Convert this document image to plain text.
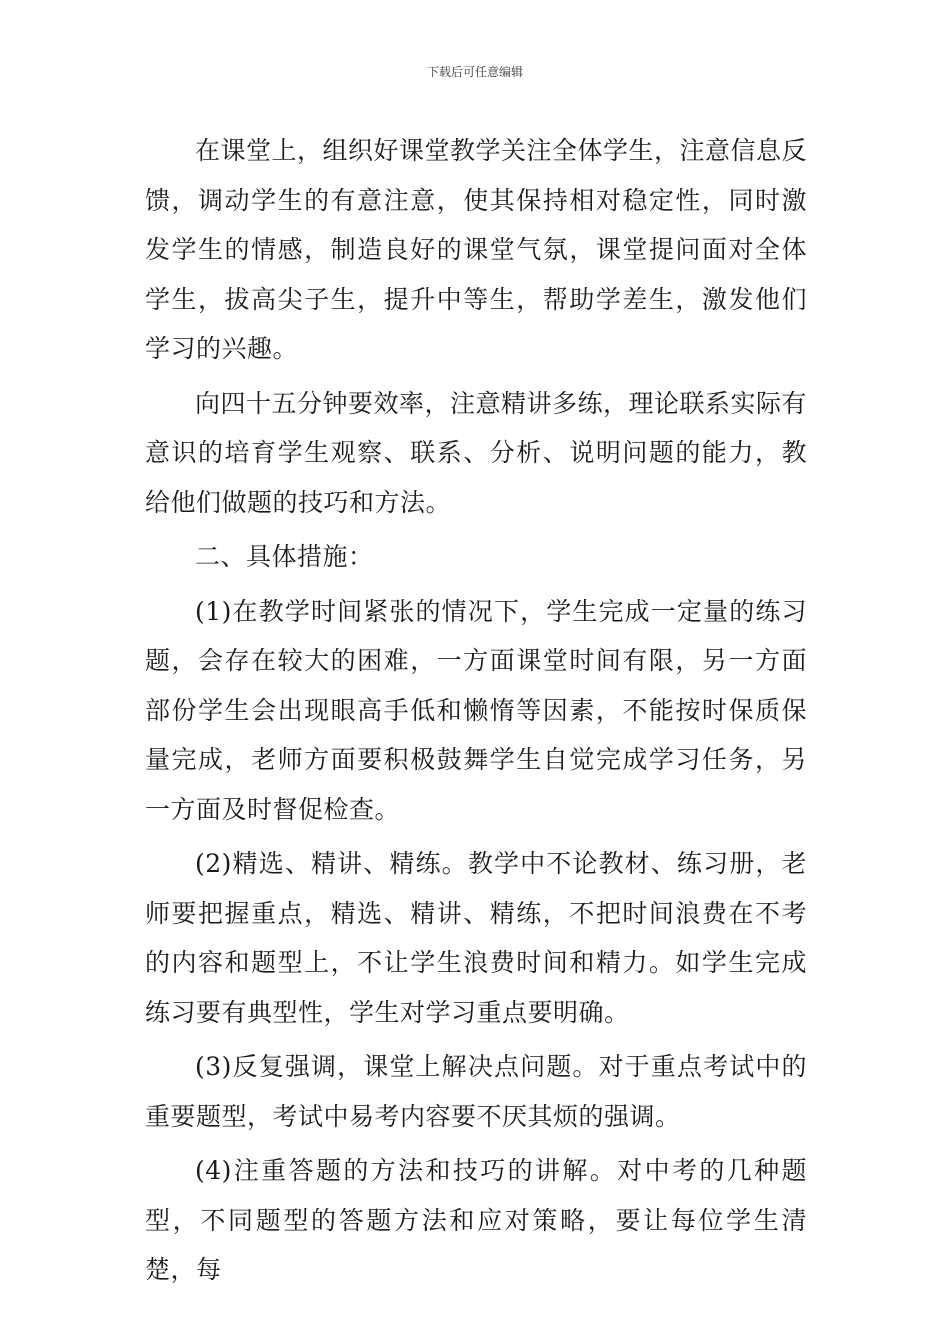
下载后可任意编辑

在课堂上，组织好课堂教学关注全体学生，注意信息反馈，调动学生的有意注意，使其保持相对稳定性，同时激发学生的情感，制造良好的课堂气氛，课堂提问面对全体学生，拔高尖子生，提升中等生，帮助学差生，激发他们学习的兴趣。

向四十五分钟要效率，注意精讲多练，理论联系实际有意识的培育学生观察、联系、分析、说明问题的能力，教给他们做题的技巧和方法。

二、具体措施：

(1)在教学时间紧张的情况下，学生完成一定量的练习题，会存在较大的困难，一方面课堂时间有限，另一方面部份学生会出现眼高手低和懒惰等因素，不能按时保质保量完成，老师方面要积极鼓舞学生自觉完成学习任务，另一方面及时督促检查。

(2)精选、精讲、精练。教学中不论教材、练习册，老师要把握重点，精选、精讲、精练，不把时间浪费在不考的内容和题型上，不让学生浪费时间和精力。如学生完成练习要有典型性，学生对学习重点要明确。

(3)反复强调，课堂上解决点问题。对于重点考试中的重要题型，考试中易考内容要不厌其烦的强调。

(4)注重答题的方法和技巧的讲解。对中考的几种题型，不同题型的答题方法和应对策略，要让每位学生清楚，每
